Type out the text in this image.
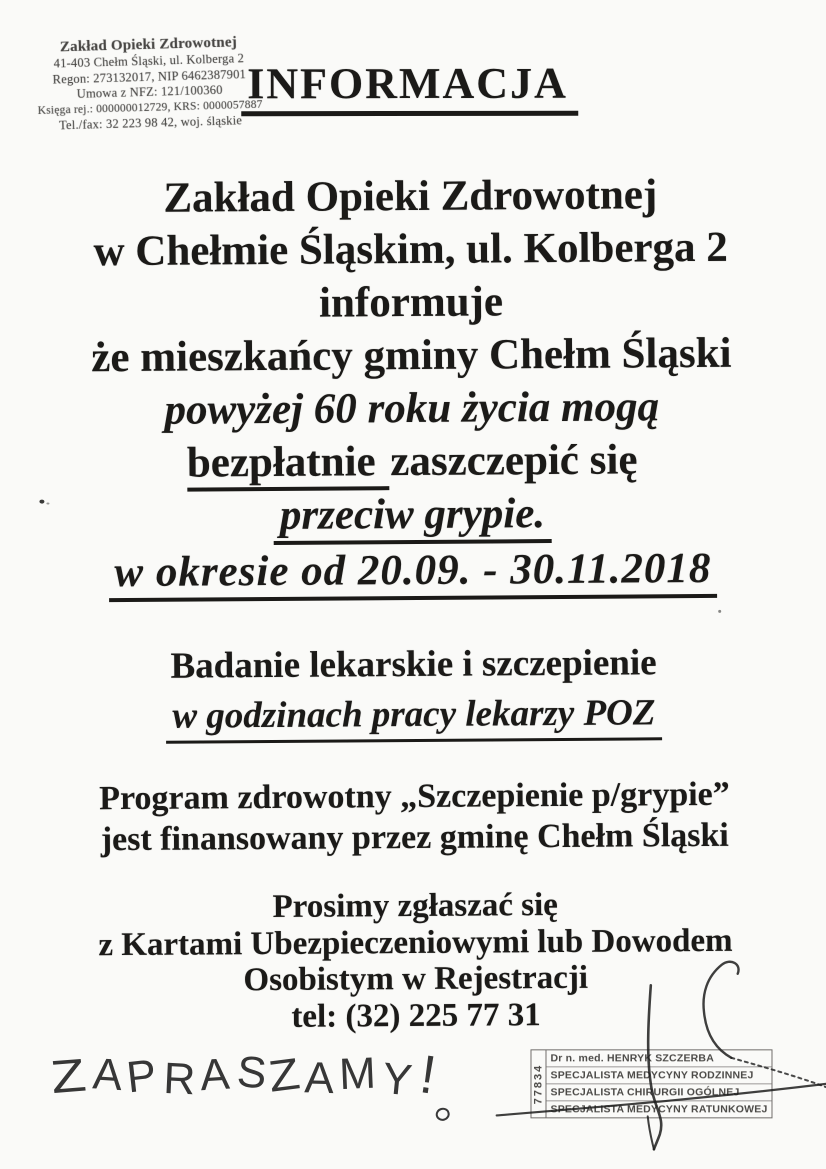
Zakład Opieki Zdrowotnej
41-403 Chełm Śląski, ul. Kolberga 2
Regon: 273132017, NIP 6462387901
Umowa z NFZ: 121/100360
Księga rej.: 000000012729, KRS: 0000057887
Tel./fax: 32 223 98 42, woj. śląskie
INFORMACJA
Zakład Opieki Zdrowotnej
w Chełmie Śląskim, ul. Kolberga 2
informuje
że mieszkańcy gminy Chełm Śląski
powyżej 60 roku życia mogą
bezpłatnie zaszczepić się
przeciw grypie.
w okresie od 20.09. - 30.11.2018
Badanie lekarskie i szczepienie
w godzinach pracy lekarzy POZ
Program zdrowotny „Szczepienie p/grypie”
jest finansowany przez gminę Chełm Śląski
Prosimy zgłaszać się
z Kartami Ubezpieczeniowymi lub Dowodem
Osobistym w Rejestracji
tel: (32) 225 77 31
ZAPRASZAMY !	77834
Dr n. med. HENRYK SZCZERBA
SPECJALISTA MEDYCYNY RODZINNEJ
SPECJALISTA CHIRURGII OGÓLNEJ
SPECJALISTA MEDYCYNY RATUNKOWEJ
